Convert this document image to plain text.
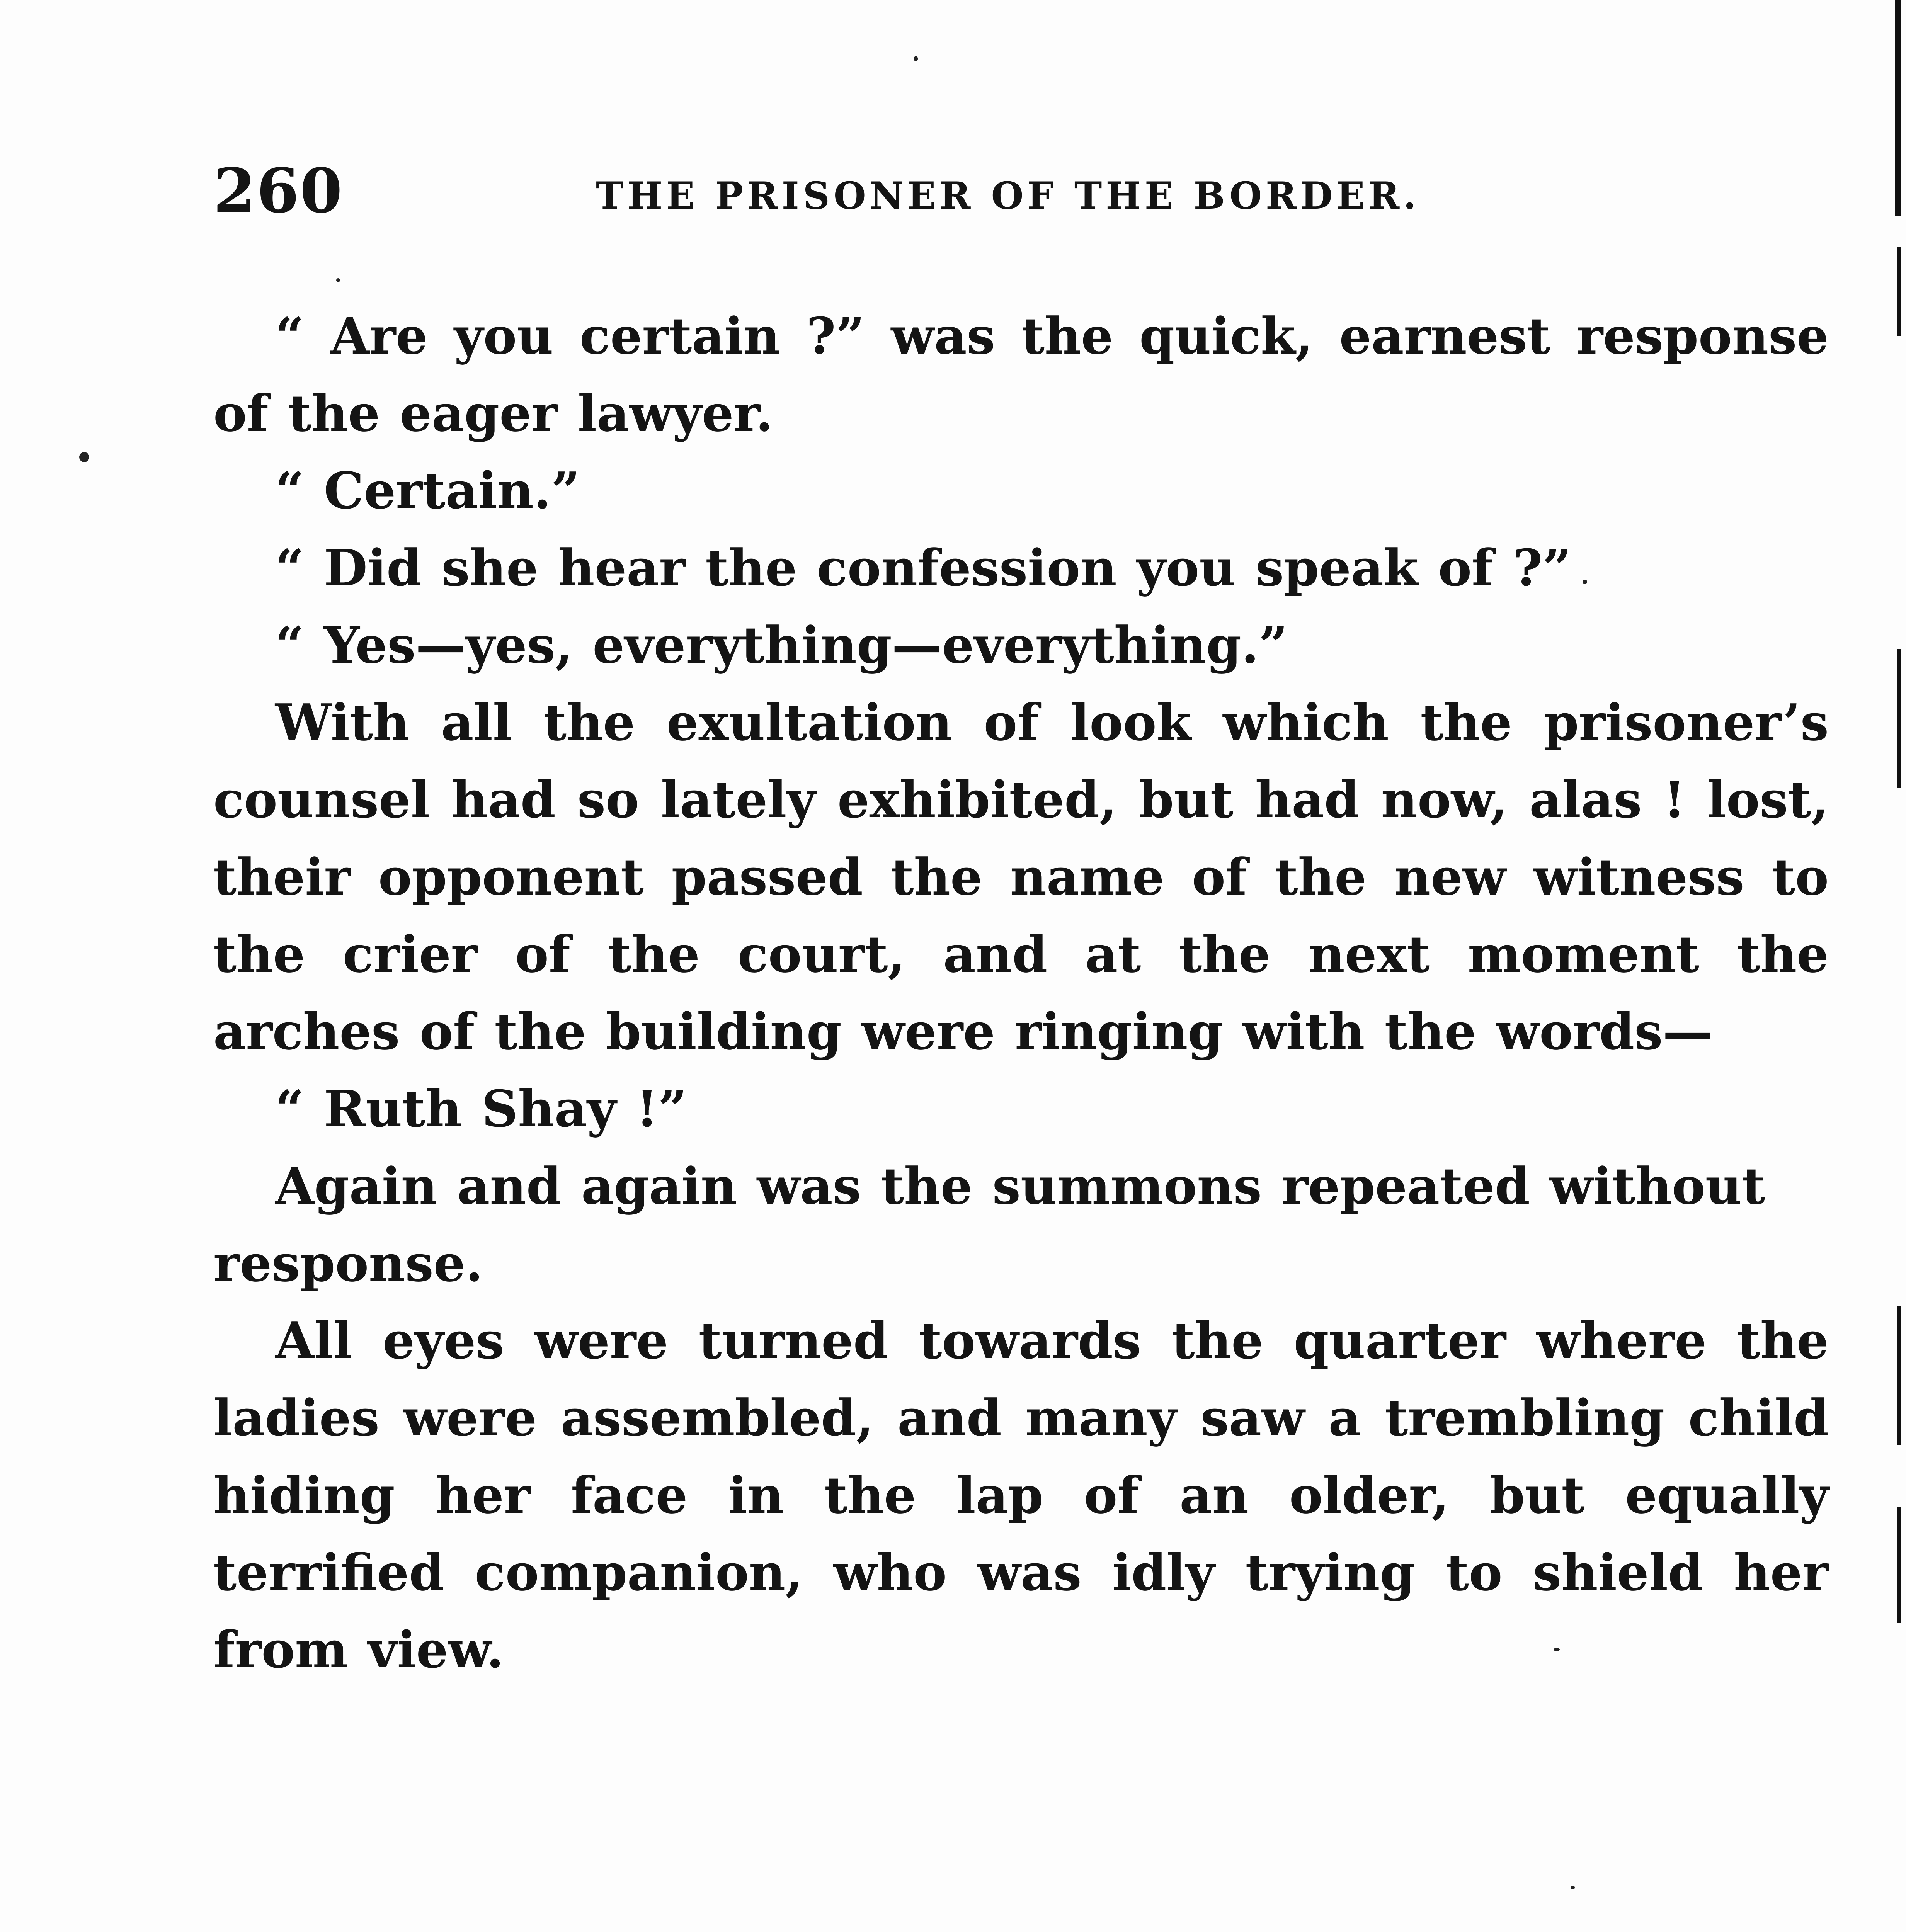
260	THE PRISONER OF THE BORDER.

“ Are you certain ?” was the quick, earnest response of the eager lawyer.

“ Certain.”

“ Did she hear the confession you speak of ?”

“ Yes—yes, everything—everything.”

With all the exultation of look which the prisoner’s counsel had so lately exhibited, but had now, alas ! lost, their opponent passed the name of the new witness to the crier of the court, and at the next moment the arches of the building were ringing with the words—

“ Ruth Shay !”

Again and again was the summons repeated without response.

All eyes were turned towards the quarter where the ladies were assembled, and many saw a trembling child hiding her face in the lap of an older, but equally terrified companion, who was idly trying to shield her from view.
